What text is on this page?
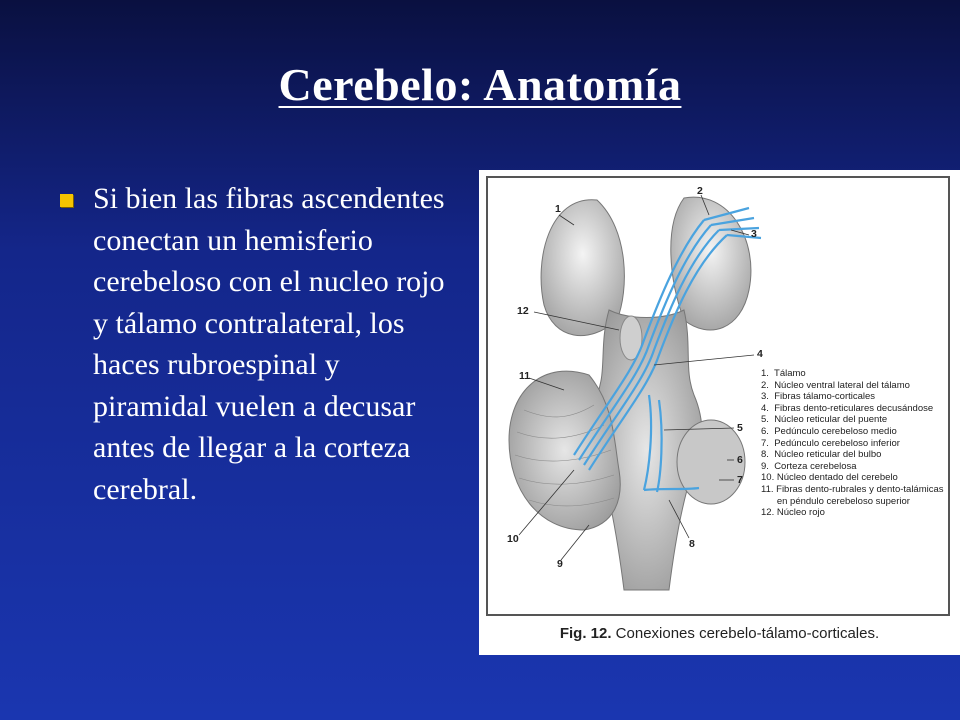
Cerebelo: Anatomía
Si bien las fibras ascendentes conectan un hemisferio cerebeloso con el nucleo rojo y tálamo contralateral, los haces rubroespinal y piramidal vuelen a decusar antes de llegar a la corteza cerebral.
1
2
3
4
5
6
7
8
9
10
11
12
1.  Tálamo
2.  Núcleo ventral lateral del tálamo
3.  Fibras tálamo-corticales
4.  Fibras dento-reticulares decusándose
5.  Núcleo reticular del puente
6.  Pedúnculo cerebeloso medio
7.  Pedúnculo cerebeloso inferior
8.  Núcleo reticular del bulbo
9.  Corteza cerebelosa
10. Núcleo dentado del cerebelo
11. Fibras dento-rubrales y dento-talámicas
en péndulo cerebeloso superior
12. Núcleo rojo
Fig. 12. Conexiones cerebelo-tálamo-corticales.
